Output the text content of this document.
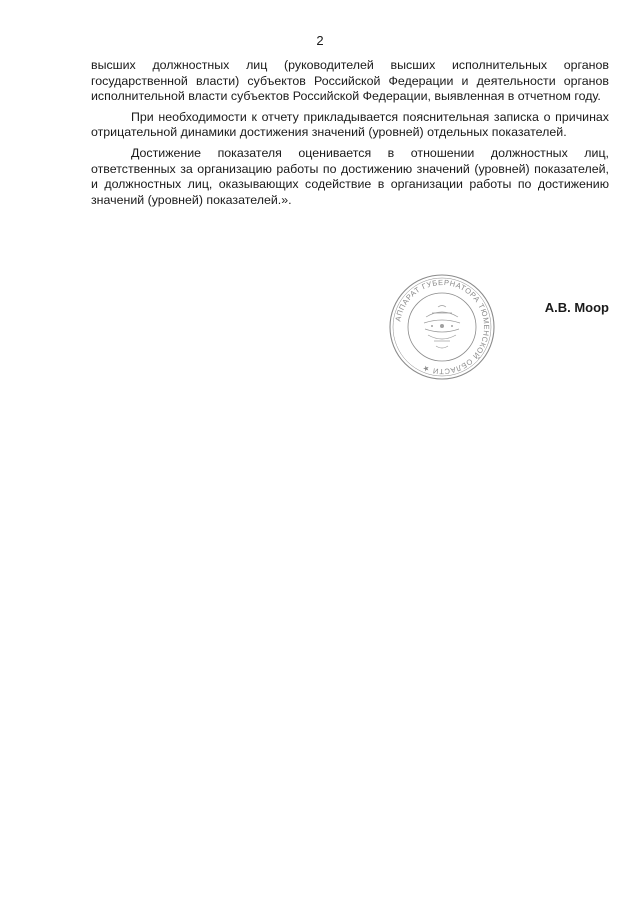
2

высших должностных лиц (руководителей высших исполнительных органов государственной власти) субъектов Российской Федерации и деятельности органов исполнительной власти субъектов Российской Федерации, выявленная в отчетном году.

При необходимости к отчету прикладывается пояснительная записка о причинах отрицательной динамики достижения значений (уровней) отдельных показателей.

Достижение показателя оценивается в отношении должностных лиц, ответственных за организацию работы по достижению значений (уровней) показателей, и должностных лиц, оказывающих содействие в организации работы по достижению значений (уровней) показателей.».

АППАРАТ ГУБЕРНАТОРА ТЮМЕНСКОЙ ОБЛАСТИ ★
А.В. Моор
